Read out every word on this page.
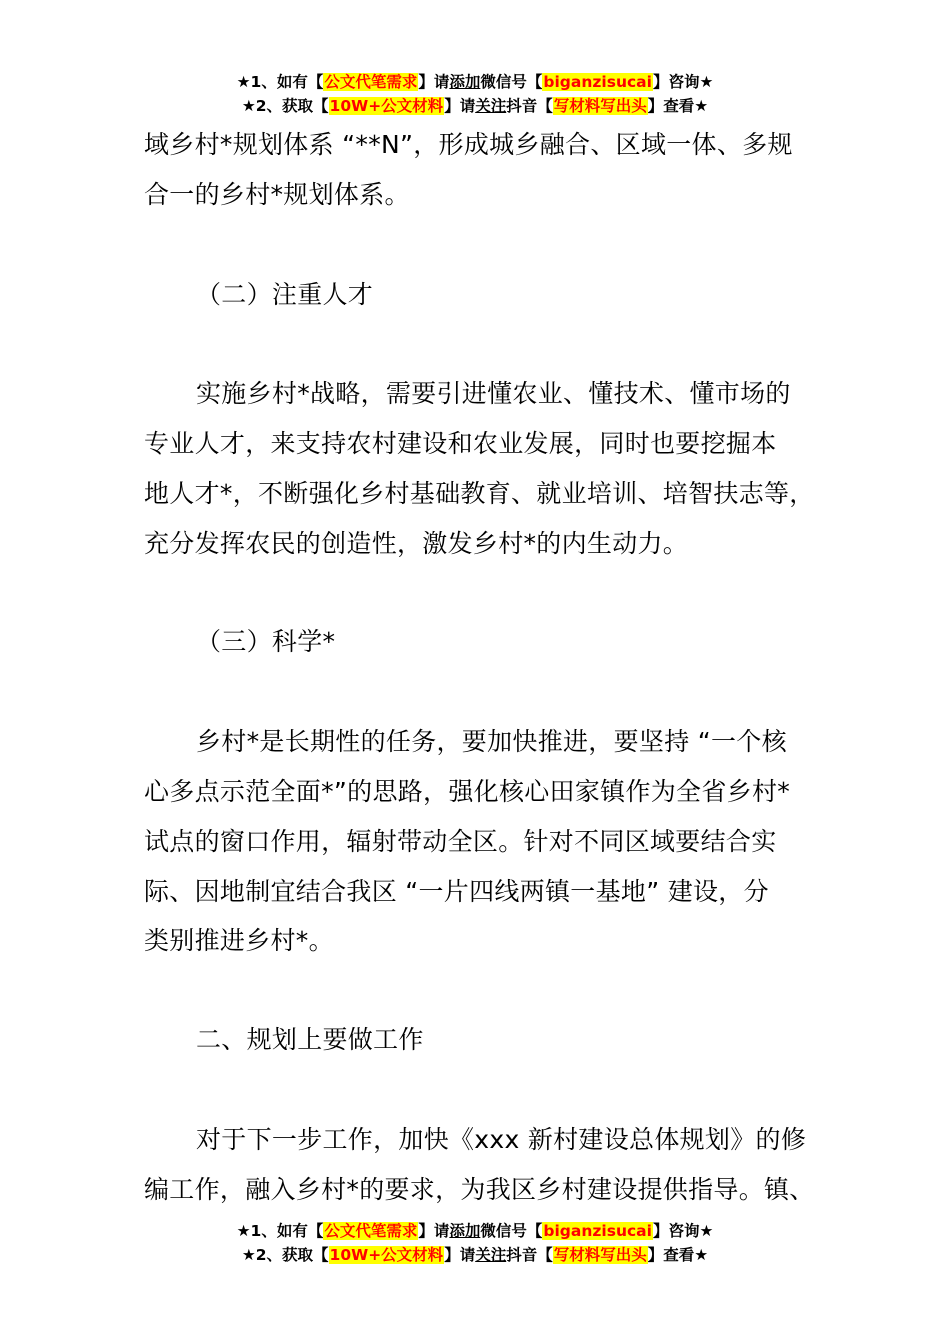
★1、如有【公文代笔需求】请添加微信号【biganzisucai】咨询★
★2、获取【10W+公文材料】请关注抖音【写材料写出头】查看★
域乡村*规划体系 “**N”，形成城乡融合、区域一体、多规
合一的乡村*规划体系。
（二）注重人才
实施乡村*战略，需要引进懂农业、懂技术、懂市场的
专业人才，来支持农村建设和农业发展，同时也要挖掘本
地人才*，不断强化乡村基础教育、就业培训、培智扶志等，
充分发挥农民的创造性，激发乡村*的内生动力。
（三）科学*
乡村*是长期性的任务，要加快推进，要坚持 “一个核
心多点示范全面*”的思路，强化核心田家镇作为全省乡村*
试点的窗口作用，辐射带动全区。针对不同区域要结合实
际、因地制宜结合我区 “一片四线两镇一基地” 建设，分
类别推进乡村*。
二、规划上要做工作
对于下一步工作，加快《xxx 新村建设总体规划》的修
编工作，融入乡村*的要求，为我区乡村建设提供指导。镇、
★1、如有【公文代笔需求】请添加微信号【biganzisucai】咨询★
★2、获取【10W+公文材料】请关注抖音【写材料写出头】查看★
